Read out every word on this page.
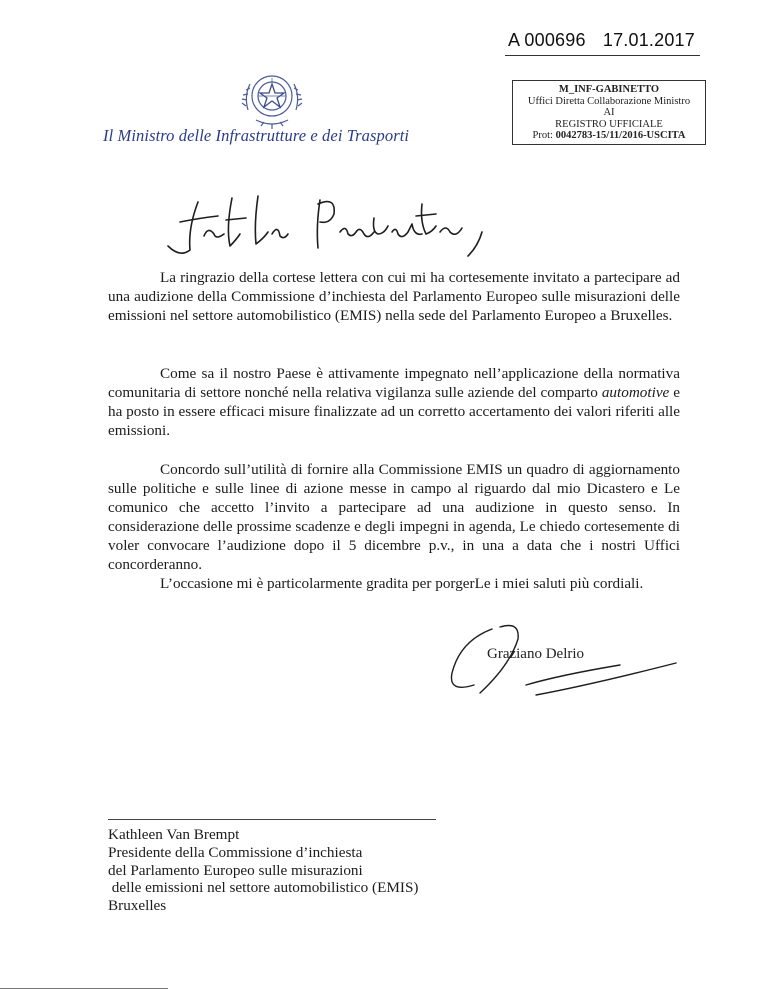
A 000696 17.01.2017
M_INF-GABINETTO
Uffici Diretta Collaborazione Ministro
AI
REGISTRO UFFICIALE
Prot: 0042783-15/11/2016-USCITA
Il Ministro delle Infrastrutture e dei Trasporti
La ringrazio della cortese lettera con cui mi ha cortesemente invitato a partecipare ad una audizione della Commissione d’inchiesta del Parlamento Europeo sulle misurazioni delle emissioni nel settore automobilistico (EMIS) nella sede del Parlamento Europeo a Bruxelles.
Come sa il nostro Paese è attivamente impegnato nell’applicazione della normativa comunitaria di settore nonché nella relativa vigilanza sulle aziende del comparto automotive e ha posto in essere efficaci misure finalizzate ad un corretto accertamento dei valori riferiti alle emissioni.
Concordo sull’utilità di fornire alla Commissione EMIS un quadro di aggiornamento sulle politiche e sulle linee di azione messe in campo al riguardo dal mio Dicastero e Le comunico che accetto l’invito a partecipare ad una audizione in questo senso. In considerazione delle prossime scadenze e degli impegni in agenda, Le chiedo cortesemente di voler convocare l’audizione dopo il 5 dicembre p.v., in una a data che i nostri Uffici concorderanno.
L’occasione mi è particolarmente gradita per porgerLe i miei saluti più cordiali.
Graziano Delrio
Kathleen Van Brempt
Presidente della Commissione d’inchiesta
del Parlamento Europeo sulle misurazioni
delle emissioni nel settore automobilistico (EMIS)
Bruxelles
